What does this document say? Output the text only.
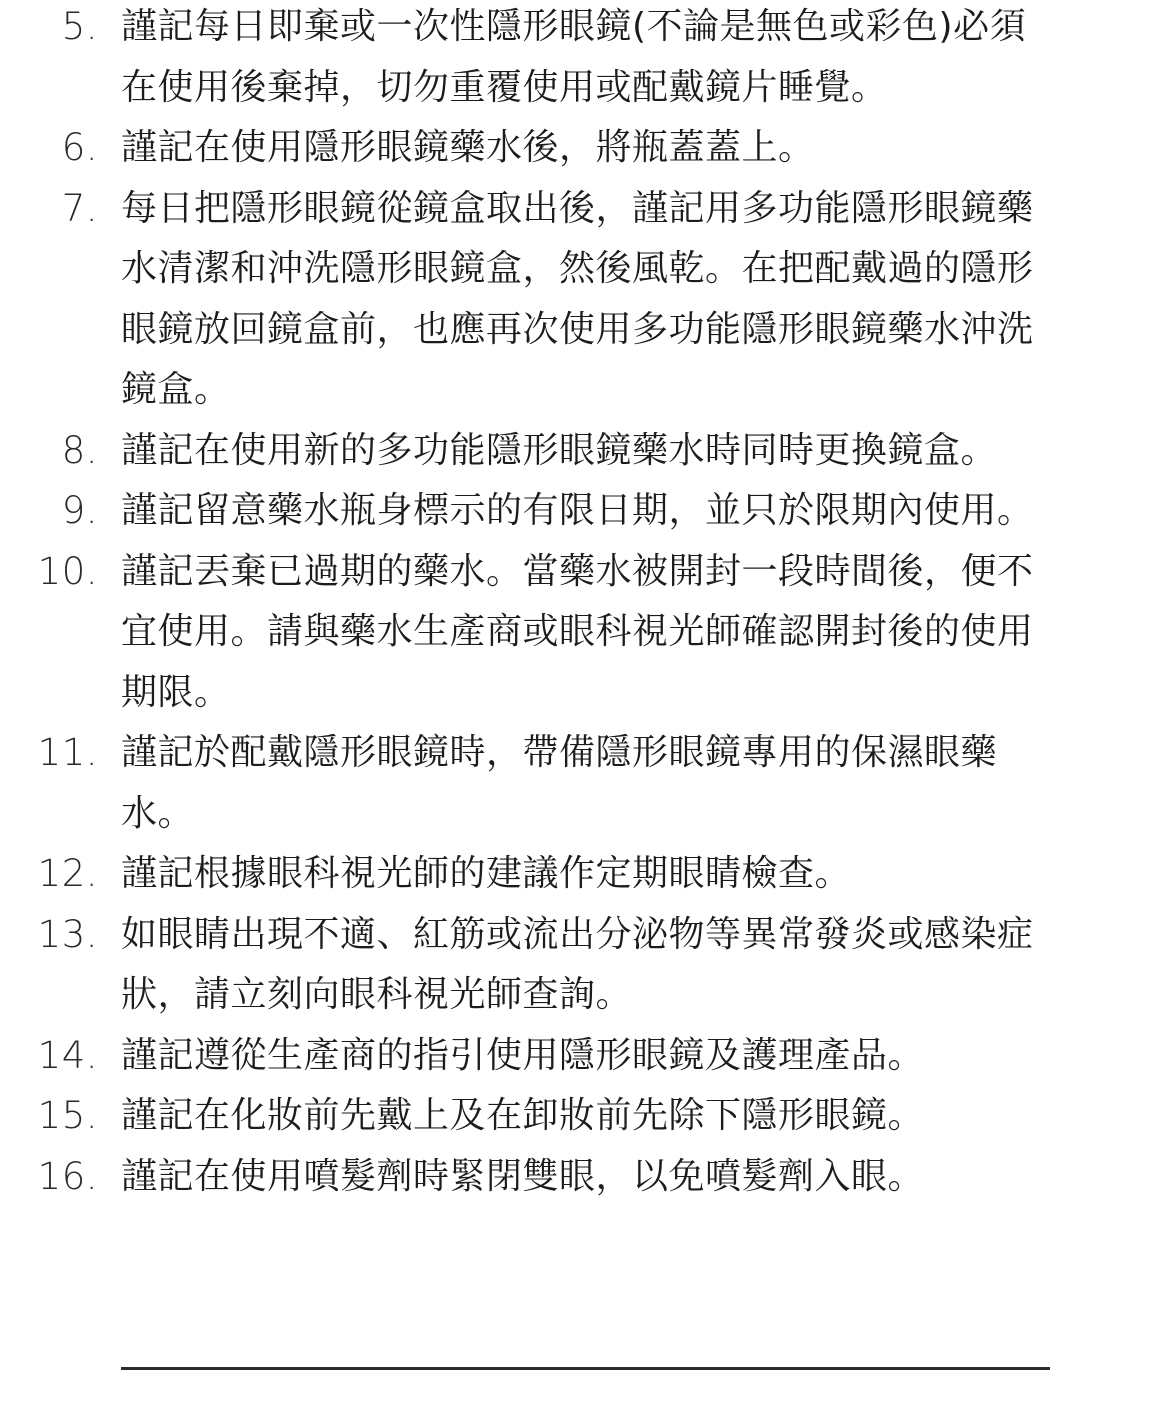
5. 謹記每日即棄或一次性隱形眼鏡(不論是無色或彩色)必須在使用後棄掉，切勿重覆使用或配戴鏡片睡覺。
6. 謹記在使用隱形眼鏡藥水後，將瓶蓋蓋上。
7. 每日把隱形眼鏡從鏡盒取出後，謹記用多功能隱形眼鏡藥水清潔和沖洗隱形眼鏡盒，然後風乾。在把配戴過的隱形眼鏡放回鏡盒前，也應再次使用多功能隱形眼鏡藥水沖洗鏡盒。
8. 謹記在使用新的多功能隱形眼鏡藥水時同時更換鏡盒。
9. 謹記留意藥水瓶身標示的有限日期，並只於限期內使用。
10. 謹記丟棄已過期的藥水。當藥水被開封一段時間後，便不宜使用。請與藥水生產商或眼科視光師確認開封後的使用期限。
11. 謹記於配戴隱形眼鏡時，帶備隱形眼鏡專用的保濕眼藥水。
12. 謹記根據眼科視光師的建議作定期眼睛檢查。
13. 如眼睛出現不適、紅筋或流出分泌物等異常發炎或感染症狀，請立刻向眼科視光師查詢。
14. 謹記遵從生產商的指引使用隱形眼鏡及護理產品。
15. 謹記在化妝前先戴上及在卸妝前先除下隱形眼鏡。
16. 謹記在使用噴髮劑時緊閉雙眼，以免噴髮劑入眼。
